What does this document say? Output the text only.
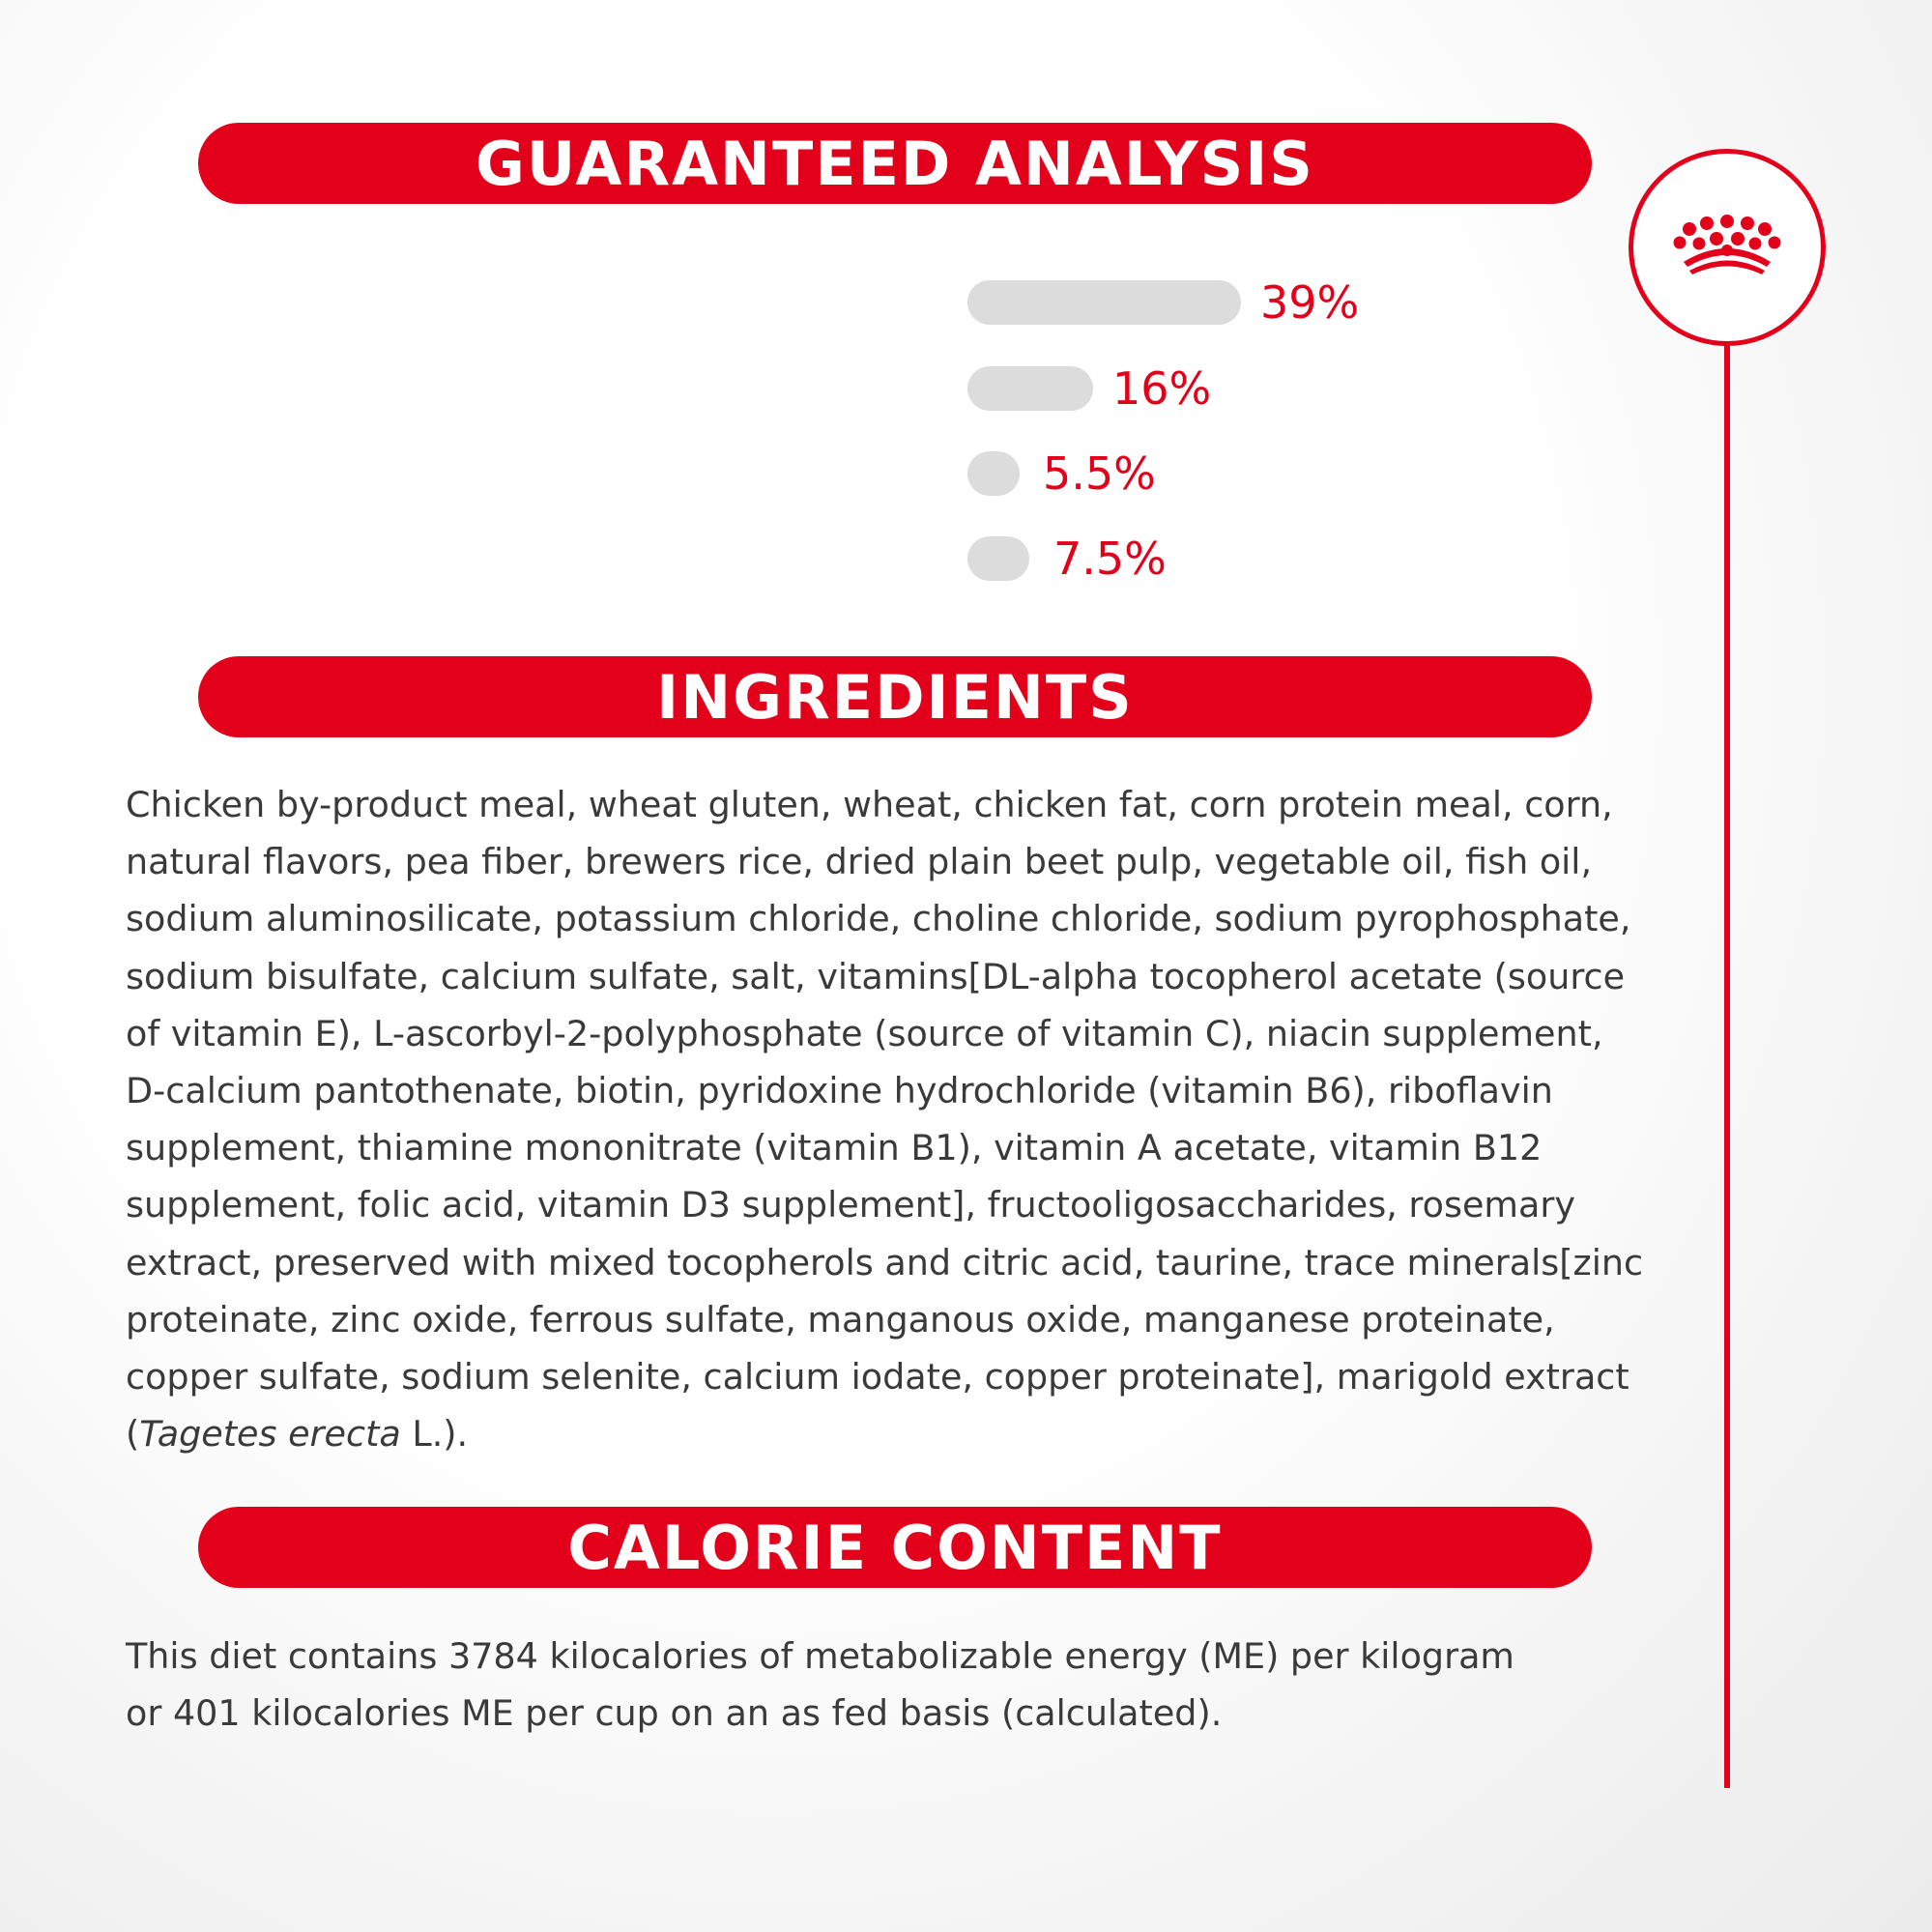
GUARANTEED ANALYSIS
39%
16%
5.5%
7.5%
INGREDIENTS
Chicken by-product meal, wheat gluten, wheat, chicken fat, corn protein meal, corn,
natural flavors, pea fiber, brewers rice, dried plain beet pulp, vegetable oil, fish oil,
sodium aluminosilicate, potassium chloride, choline chloride, sodium pyrophosphate,
sodium bisulfate, calcium sulfate, salt, vitamins[DL-alpha tocopherol acetate (source
of vitamin E), L-ascorbyl-2-polyphosphate (source of vitamin C), niacin supplement,
D-calcium pantothenate, biotin, pyridoxine hydrochloride (vitamin B6), riboflavin
supplement, thiamine mononitrate (vitamin B1), vitamin A acetate, vitamin B12
supplement, folic acid, vitamin D3 supplement], fructooligosaccharides, rosemary
extract, preserved with mixed tocopherols and citric acid, taurine, trace minerals[zinc
proteinate, zinc oxide, ferrous sulfate, manganous oxide, manganese proteinate,
copper sulfate, sodium selenite, calcium iodate, copper proteinate], marigold extract
(Tagetes erecta L.).
CALORIE CONTENT
This diet contains 3784 kilocalories of metabolizable energy (ME) per kilogram
or 401 kilocalories ME per cup on an as fed basis (calculated).
